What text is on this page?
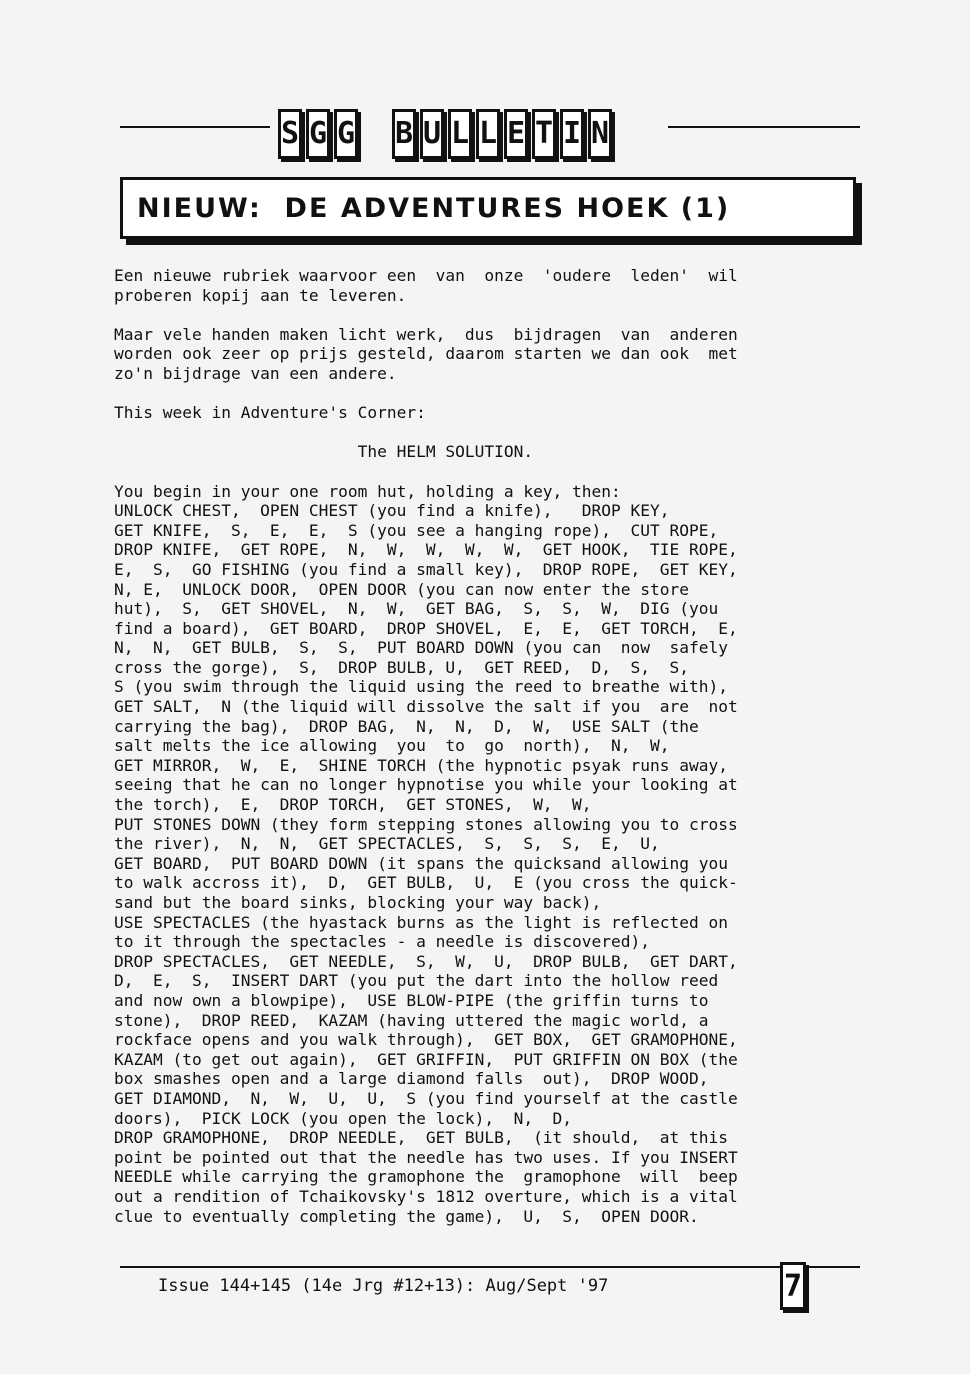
S G G B U L L E T I N
NIEUW:  DE ADVENTURES HOEK (1)
Een nieuwe rubriek waarvoor een  van  onze  'oudere  leden'  wil
proberen kopij aan te leveren.
Maar vele handen maken licht werk,  dus  bijdragen  van  anderen
worden ook zeer op prijs gesteld, daarom starten we dan ook  met
zo'n bijdrage van een andere.
This week in Adventure's Corner:
The HELM SOLUTION.
You begin in your one room hut, holding a key, then:
UNLOCK CHEST,  OPEN CHEST (you find a knife),   DROP KEY,
GET KNIFE,  S,  E,  E,  S (you see a hanging rope),  CUT ROPE,
DROP KNIFE,  GET ROPE,  N,  W,  W,  W,  W,  GET HOOK,  TIE ROPE,
E,  S,  GO FISHING (you find a small key),  DROP ROPE,  GET KEY,
N, E,  UNLOCK DOOR,  OPEN DOOR (you can now enter the store
hut),  S,  GET SHOVEL,  N,  W,  GET BAG,  S,  S,  W,  DIG (you
find a board),  GET BOARD,  DROP SHOVEL,  E,  E,  GET TORCH,  E,
N,  N,  GET BULB,  S,  S,  PUT BOARD DOWN (you can  now  safely
cross the gorge),  S,  DROP BULB, U,  GET REED,  D,  S,  S,
S (you swim through the liquid using the reed to breathe with),
GET SALT,  N (the liquid will dissolve the salt if you  are  not
carrying the bag),  DROP BAG,  N,  N,  D,  W,  USE SALT (the
salt melts the ice allowing  you  to  go  north),  N,  W,
GET MIRROR,  W,  E,  SHINE TORCH (the hypnotic psyak runs away,
seeing that he can no longer hypnotise you while your looking at
the torch),  E,  DROP TORCH,  GET STONES,  W,  W,
PUT STONES DOWN (they form stepping stones allowing you to cross
the river),  N,  N,  GET SPECTACLES,  S,  S,  S,  E,  U,
GET BOARD,  PUT BOARD DOWN (it spans the quicksand allowing you
to walk accross it),  D,  GET BULB,  U,  E (you cross the quick-
sand but the board sinks, blocking your way back),
USE SPECTACLES (the hyastack burns as the light is reflected on
to it through the spectacles - a needle is discovered),
DROP SPECTACLES,  GET NEEDLE,  S,  W,  U,  DROP BULB,  GET DART,
D,  E,  S,  INSERT DART (you put the dart into the hollow reed
and now own a blowpipe),  USE BLOW-PIPE (the griffin turns to
stone),  DROP REED,  KAZAM (having uttered the magic world, a
rockface opens and you walk through),  GET BOX,  GET GRAMOPHONE,
KAZAM (to get out again),  GET GRIFFIN,  PUT GRIFFIN ON BOX (the
box smashes open and a large diamond falls  out),  DROP WOOD,
GET DIAMOND,  N,  W,  U,  U,  S (you find yourself at the castle
doors),  PICK LOCK (you open the lock),  N,  D,
DROP GRAMOPHONE,  DROP NEEDLE,  GET BULB,  (it should,  at this
point be pointed out that the needle has two uses. If you INSERT
NEEDLE while carrying the gramophone the  gramophone  will  beep
out a rendition of Tchaikovsky's 1812 overture, which is a vital
clue to eventually completing the game),  U,  S,  OPEN DOOR.
Issue 144+145 (14e Jrg #12+13): Aug/Sept '97	7
